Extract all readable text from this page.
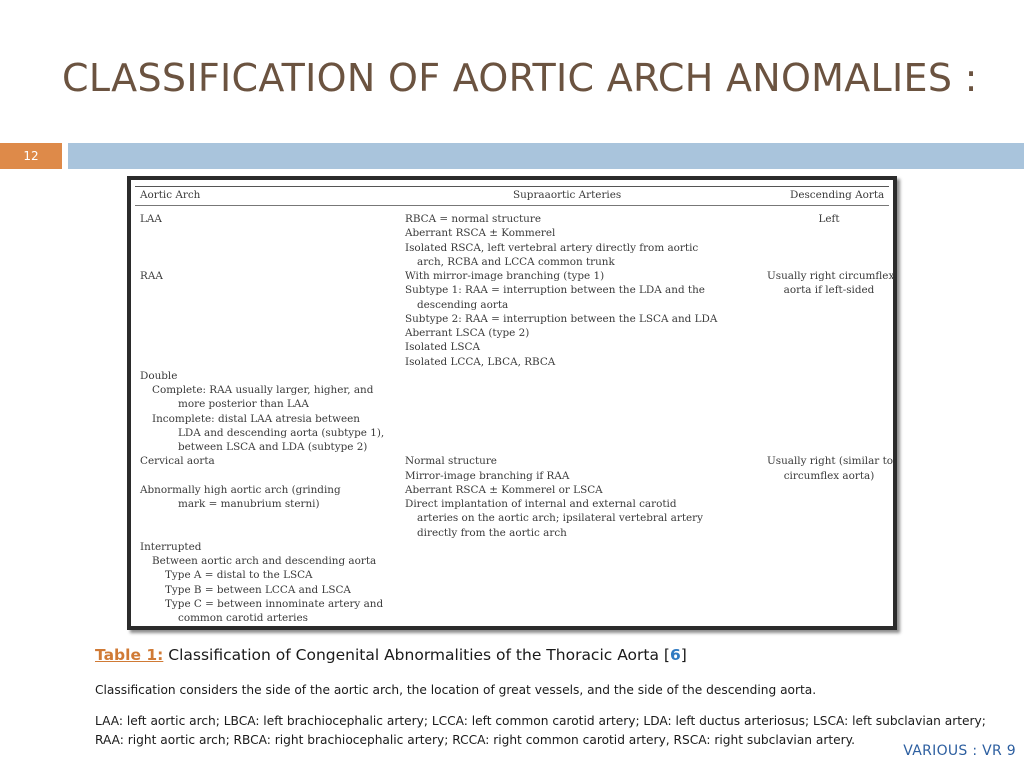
CLASSIFICATION OF AORTIC ARCH ANOMALIES :
12
Aortic Arch	Supraaortic Arteries	Descending Aorta
LAA
RAA
Double
Complete: RAA usually larger, higher, and
more posterior than LAA
Incomplete: distal LAA atresia between
LDA and descending aorta (subtype 1),
between LSCA and LDA (subtype 2)
Cervical aorta
Abnormally high aortic arch (grinding
mark = manubrium sterni)
Interrupted
Between aortic arch and descending aorta
Type A = distal to the LSCA
Type B = between LCCA and LSCA
Type C = between innominate artery and
common carotid arteries
RBCA = normal structure
Aberrant RSCA ± Kommerel
Isolated RSCA, left vertebral artery directly from aortic
arch, RCBA and LCCA common trunk
With mirror-image branching (type 1)
Subtype 1: RAA = interruption between the LDA and the
descending aorta
Subtype 2: RAA = interruption between the LSCA and LDA
Aberrant LSCA (type 2)
Isolated LSCA
Isolated LCCA, LBCA, RBCA
Normal structure
Mirror-image branching if RAA
Aberrant RSCA ± Kommerel or LSCA
Direct implantation of internal and external carotid
arteries on the aortic arch; ipsilateral vertebral artery
directly from the aortic arch
Left
Usually right circumflex
aorta if left-sided
Usually right (similar to
circumflex aorta)
Table 1: Classification of Congenital Abnormalities of the Thoracic Aorta [6]
Classification considers the side of the aortic arch, the location of great vessels, and the side of the descending aorta.
LAA: left aortic arch; LBCA: left brachiocephalic artery; LCCA: left common carotid artery; LDA: left ductus arteriosus; LSCA: left subclavian artery;
RAA: right aortic arch; RBCA: right brachiocephalic artery; RCCA: right common carotid artery, RSCA: right subclavian artery.
VARIOUS : VR 9
